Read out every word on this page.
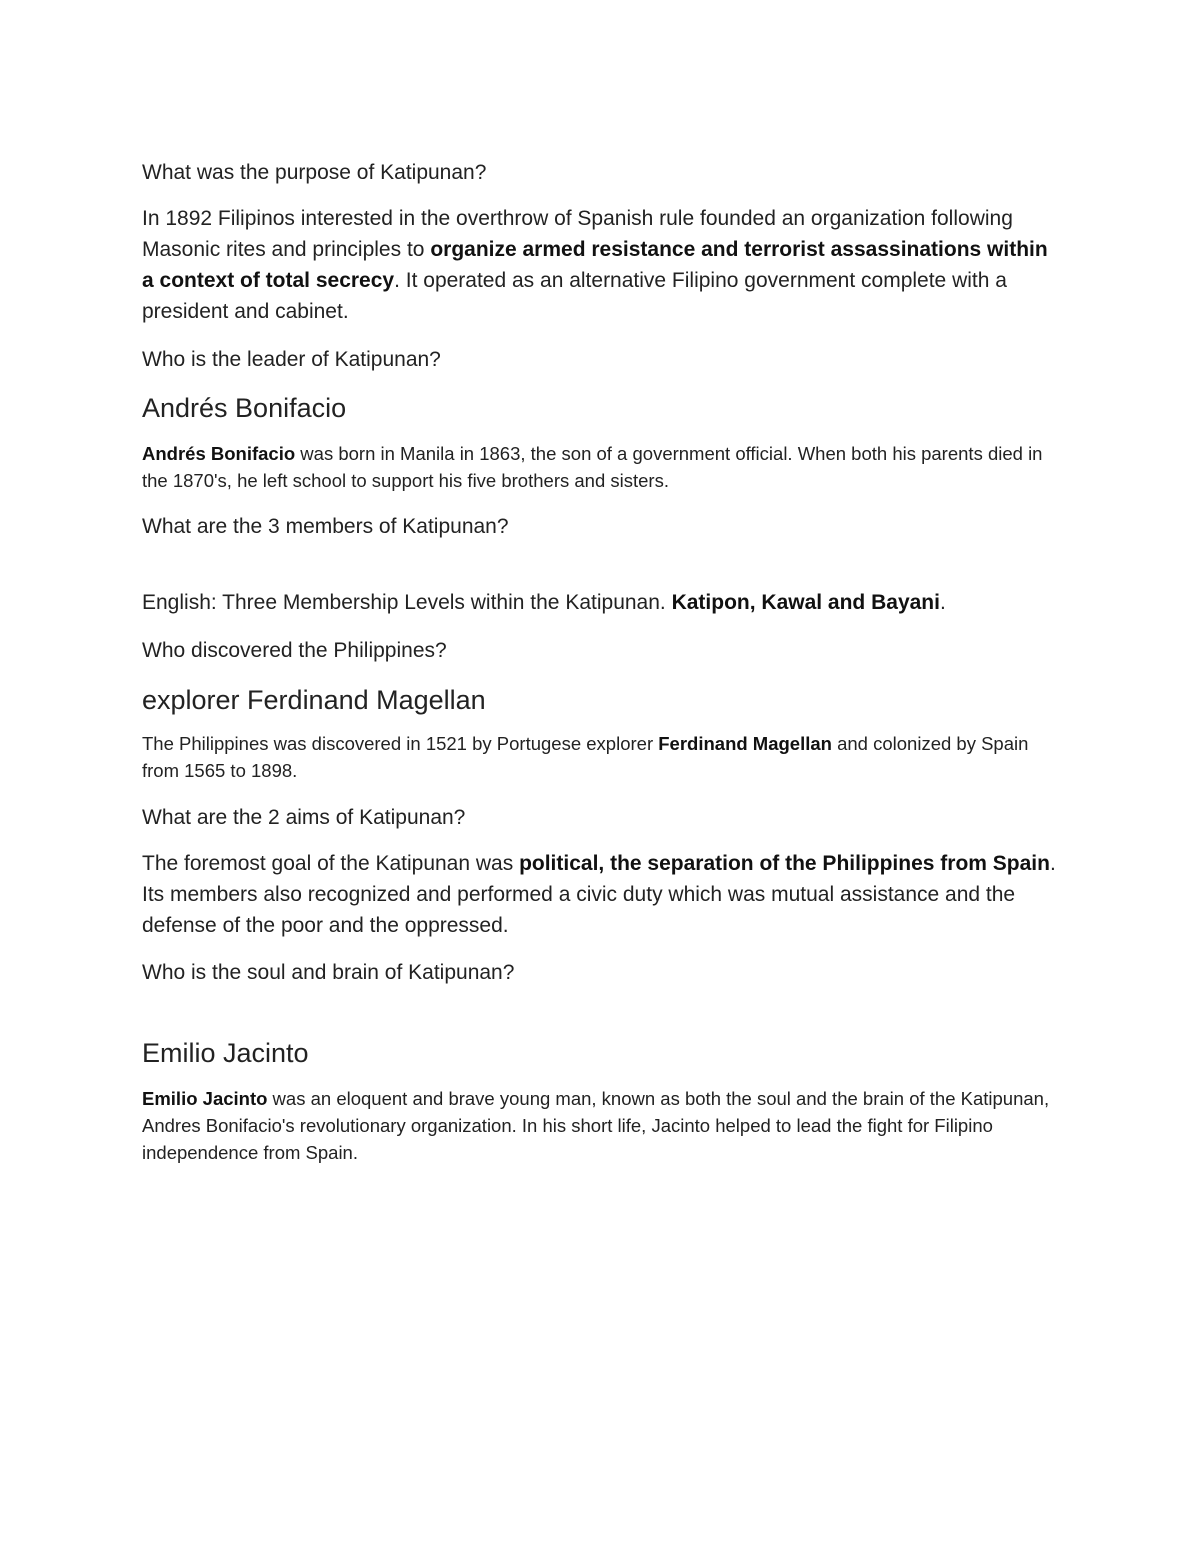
What was the purpose of Katipunan?
In 1892 Filipinos interested in the overthrow of Spanish rule founded an organization following Masonic rites and principles to organize armed resistance and terrorist assassinations within a context of total secrecy. It operated as an alternative Filipino government complete with a president and cabinet.
Who is the leader of Katipunan?
Andrés Bonifacio
Andrés Bonifacio was born in Manila in 1863, the son of a government official. When both his parents died in the 1870's, he left school to support his five brothers and sisters.
What are the 3 members of Katipunan?
English: Three Membership Levels within the Katipunan. Katipon, Kawal and Bayani.
Who discovered the Philippines?
explorer Ferdinand Magellan
The Philippines was discovered in 1521 by Portugese explorer Ferdinand Magellan and colonized by Spain from 1565 to 1898.
What are the 2 aims of Katipunan?
The foremost goal of the Katipunan was political, the separation of the Philippines from Spain. Its members also recognized and performed a civic duty which was mutual assistance and the defense of the poor and the oppressed.
Who is the soul and brain of Katipunan?
Emilio Jacinto
Emilio Jacinto was an eloquent and brave young man, known as both the soul and the brain of the Katipunan, Andres Bonifacio's revolutionary organization. In his short life, Jacinto helped to lead the fight for Filipino independence from Spain.
